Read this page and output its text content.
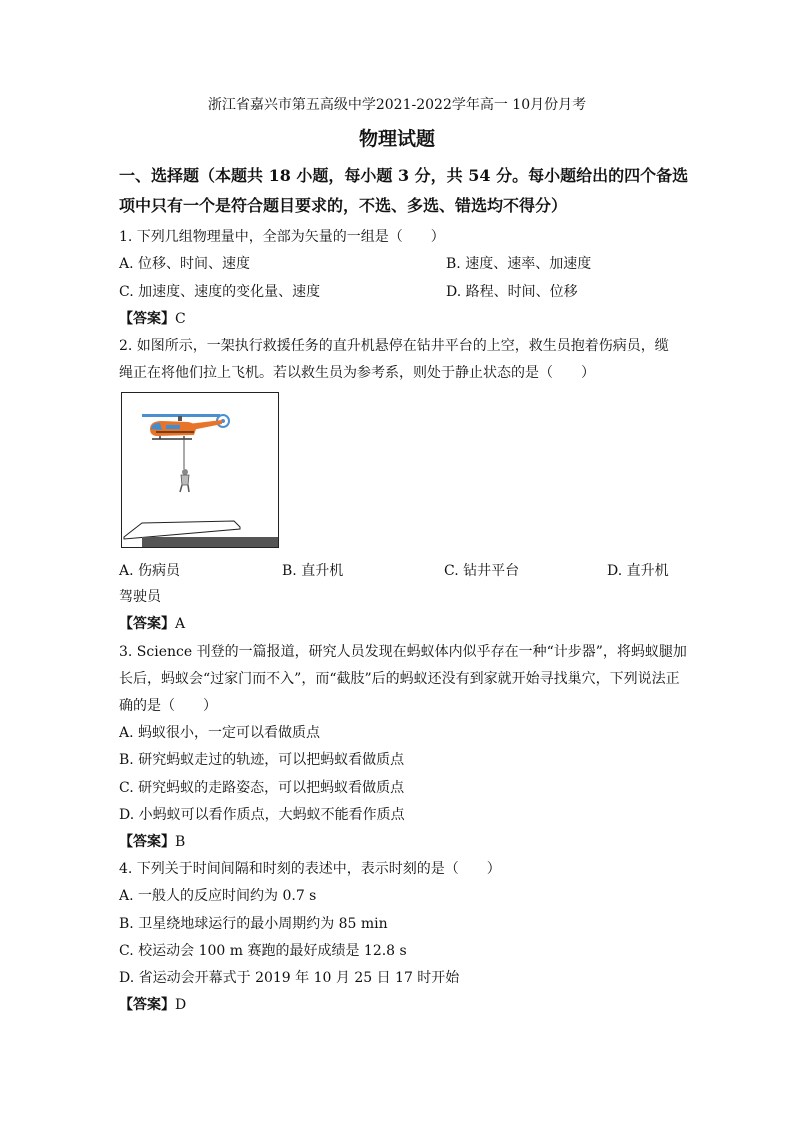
浙江省嘉兴市第五高级中学2021-2022学年高一 10月份月考
物理试题
一、选择题（本题共 18 小题，每小题 3 分，共 54 分。每小题给出的四个备选
项中只有一个是符合题目要求的，不选、多选、错选均不得分）
1. 下列几组物理量中，全部为矢量的一组是（　　）
A. 位移、时间、速度	B. 速度、速率、加速度
C. 加速度、速度的变化量、速度	D. 路程、时间、位移
【答案】C
2. 如图所示，一架执行救援任务的直升机悬停在钻井平台的上空，救生员抱着伤病员，缆
绳正在将他们拉上飞机。若以救生员为参考系，则处于静止状态的是（　　）
A. 伤病员	B. 直升机	C. 钻井平台	D. 直升机
驾驶员
【答案】A
3. Science 刊登的一篇报道，研究人员发现在蚂蚁体内似乎存在一种“计步器”，将蚂蚁腿加
长后，蚂蚁会“过家门而不入”，而“截肢”后的蚂蚁还没有到家就开始寻找巢穴，下列说法正
确的是（　　）
A. 蚂蚁很小，一定可以看做质点
B. 研究蚂蚁走过的轨迹，可以把蚂蚁看做质点
C. 研究蚂蚁的走路姿态，可以把蚂蚁看做质点
D. 小蚂蚁可以看作质点，大蚂蚁不能看作质点
【答案】B
4. 下列关于时间间隔和时刻的表述中，表示时刻的是（　　）
A. 一般人的反应时间约为 0.7 s
B. 卫星绕地球运行的最小周期约为 85 min
C. 校运动会 100 m 赛跑的最好成绩是 12.8 s
D. 省运动会开幕式于 2019 年 10 月 25 日 17 时开始
【答案】D
